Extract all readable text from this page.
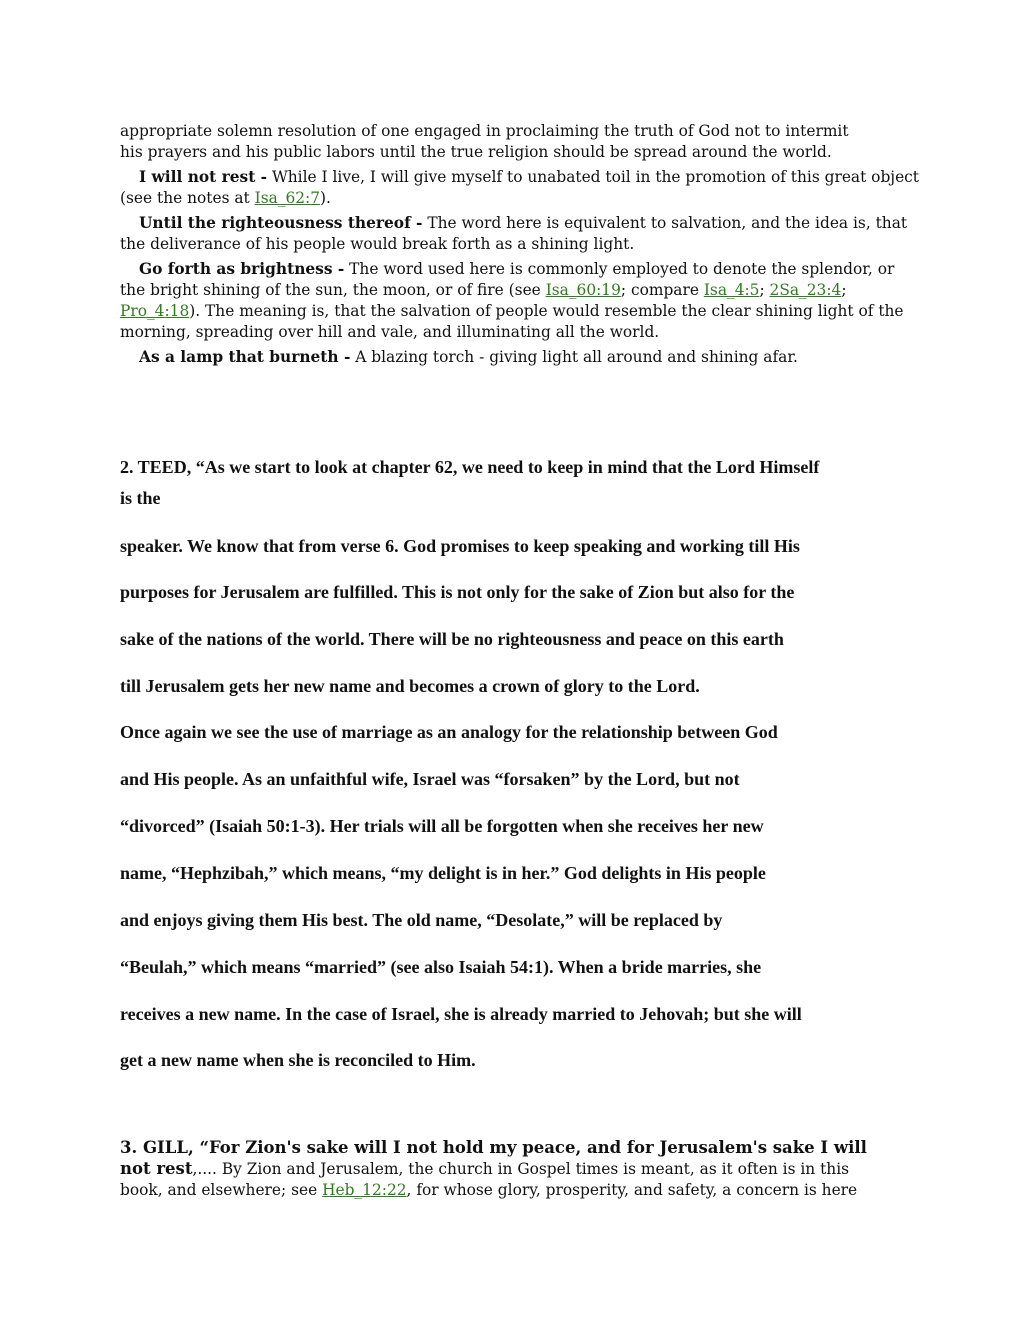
appropriate solemn resolution of one engaged in proclaiming the truth of God not to intermit
his prayers and his public labors until the true religion should be spread around the world.

I will not rest - While I live, I will give myself to unabated toil in the promotion of this great object (see the notes at Isa_62:7).

Until the righteousness thereof - The word here is equivalent to salvation, and the idea is, that the deliverance of his people would break forth as a shining light.

Go forth as brightness - The word used here is commonly employed to denote the splendor, or the bright shining of the sun, the moon, or of fire (see Isa_60:19; compare Isa_4:5; 2Sa_23:4; Pro_4:18). The meaning is, that the salvation of people would resemble the clear shining light of the morning, spreading over hill and vale, and illuminating all the world.

As a lamp that burneth - A blazing torch - giving light all around and shining afar.

2. TEED, “As we start to look at chapter 62, we need to keep in mind that the Lord Himself
is the
speaker. We know that from verse 6. God promises to keep speaking and working till His
purposes for Jerusalem are fulfilled. This is not only for the sake of Zion but also for the
sake of the nations of the world. There will be no righteousness and peace on this earth
till Jerusalem gets her new name and becomes a crown of glory to the Lord.
Once again we see the use of marriage as an analogy for the relationship between God
and His people. As an unfaithful wife, Israel was “forsaken” by the Lord, but not
“divorced” (Isaiah 50:1-3). Her trials will all be forgotten when she receives her new
name, “Hephzibah,” which means, “my delight is in her.” God delights in His people
and enjoys giving them His best. The old name, “Desolate,” will be replaced by
“Beulah,” which means “married” (see also Isaiah 54:1). When a bride marries, she
receives a new name. In the case of Israel, she is already married to Jehovah; but she will
get a new name when she is reconciled to Him.

3. GILL, “For Zion's sake will I not hold my peace, and for Jerusalem's sake I will

not rest,.... By Zion and Jerusalem, the church in Gospel times is meant, as it often is in this
book, and elsewhere; see Heb_12:22, for whose glory, prosperity, and safety, a concern is here
